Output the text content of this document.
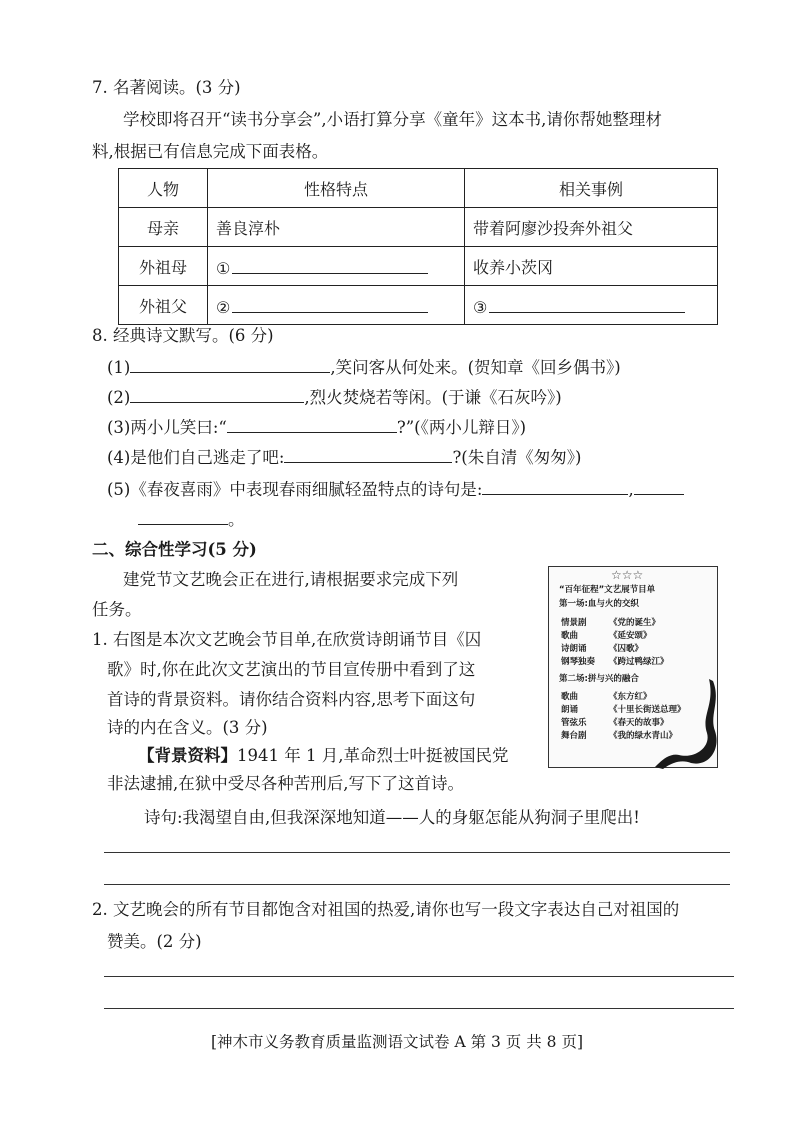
7. 名著阅读。(3 分)
学校即将召开“读书分享会”,小语打算分享《童年》这本书,请你帮她整理材
料,根据已有信息完成下面表格。
人物	性格特点	相关事例
母亲	善良淳朴	带着阿廖沙投奔外祖父
外祖母	①	收养小茨冈
外祖父	②	③
8. 经典诗文默写。(6 分)
(1)	,笑问客从何处来。(贺知章《回乡偶书》)
(2)	,烈火焚烧若等闲。(于谦《石灰吟》)
(3)两小儿笑曰:“	?”(《两小儿辩日》)
(4)是他们自己逃走了吧:	?(朱自清《匆匆》)
(5)《春夜喜雨》中表现春雨细腻轻盈特点的诗句是:	,
。
二、综合性学习(5 分)
建党节文艺晚会正在进行,请根据要求完成下列
任务。
1. 右图是本次文艺晚会节目单,在欣赏诗朗诵节目《囚
歌》时,你在此次文艺演出的节目宣传册中看到了这
首诗的背景资料。请你结合资料内容,思考下面这句
诗的内在含义。(3 分)
【背景资料】1941 年 1 月,革命烈士叶挺被国民党
非法逮捕,在狱中受尽各种苦刑后,写下了这首诗。
诗句:我渴望自由,但我深深地知道——人的身躯怎能从狗洞子里爬出!
2. 文艺晚会的所有节目都饱含对祖国的热爱,请你也写一段文字表达自己对祖国的
赞美。(2 分)
☆☆☆
“百年征程”文艺展节目单
第一场:血与火的交织
情景剧	《党的诞生》
歌曲	《延安颂》
诗朗诵	《囚歌》
钢琴独奏 《跨过鸭绿江》
第二场:拼与兴的融合
歌曲	《东方红》
朗诵	《十里长街送总理》
管弦乐	《春天的故事》
舞台剧	《我的绿水青山》
[神木市义务教育质量监测语文试卷 A 第 3 页 共 8 页]
